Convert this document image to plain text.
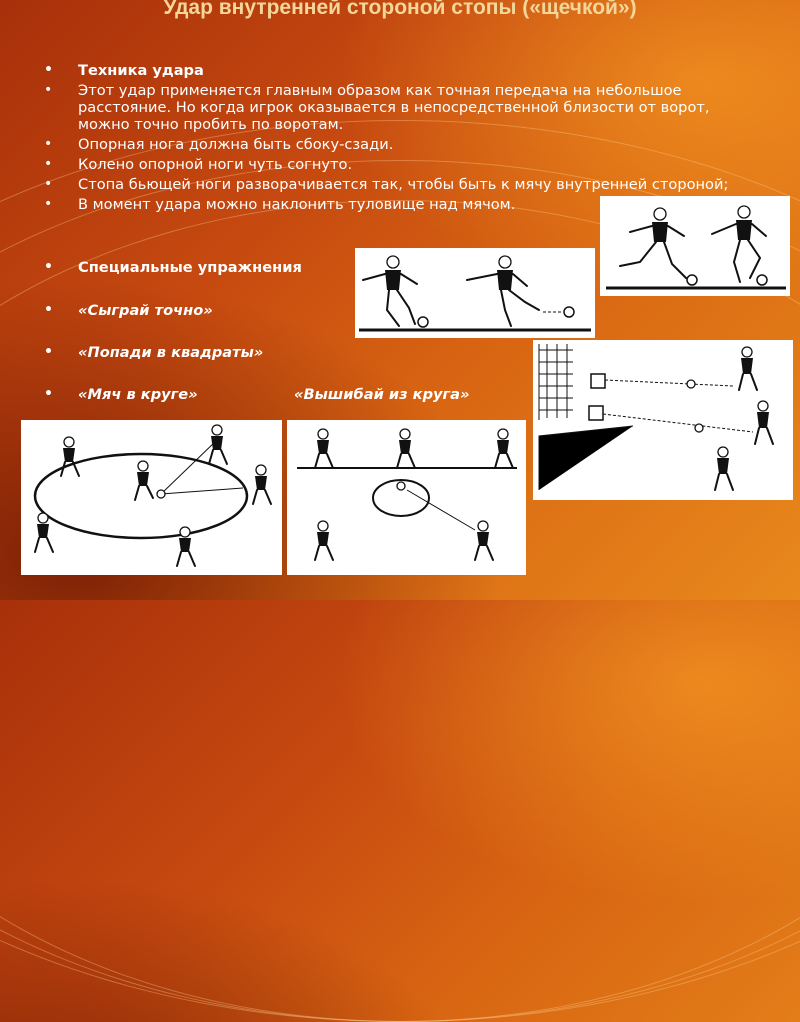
Удар внутренней стороной стопы («щечкой»)
• Техника удара
• Этот удар применяется главным образом как точная передача на небольшое расстояние. Но когда игрок оказывается в непосредственной близости от ворот, можно точно пробить по воротам.
• Опорная нога должна быть сбоку-сзади.
• Колено опорной ноги чуть согнуто.
• Стопа бьющей ноги разворачивается так, чтобы быть к мячу внутренней стороной;
• В момент удара можно наклонить туловище над мячом.
• Специальные упражнения
• «Сыграй точно»
• «Попади в квадраты»
• «Мяч в круге»	«Вышибай из круга»
